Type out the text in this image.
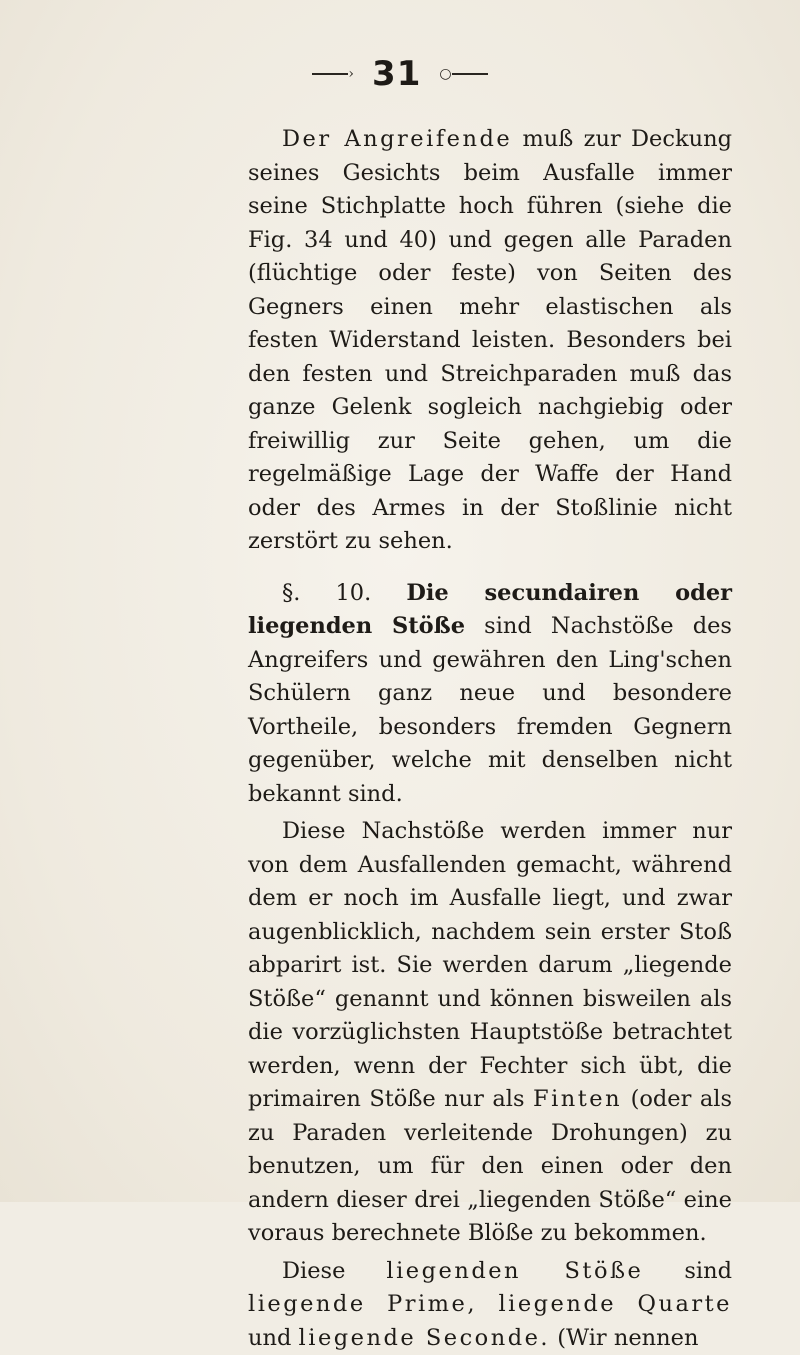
› 31 ○

Der Angreifende muß zur Deckung seines Gesichts beim Ausfalle immer seine Stichplatte hoch führen (siehe die Fig. 34 und 40) und gegen alle Paraden (flüchtige oder feste) von Seiten des Gegners einen mehr elastischen als festen Widerstand leisten. Besonders bei den festen und Streichparaden muß das ganze Gelenk sogleich nachgiebig oder freiwillig zur Seite gehen, um die regelmäßige Lage der Waffe der Hand oder des Armes in der Stoßlinie nicht zerstört zu sehen.

§. 10. Die secundairen oder liegenden Stöße sind Nachstöße des Angreifers und gewähren den Ling'schen Schülern ganz neue und besondere Vortheile, besonders fremden Gegnern gegenüber, welche mit denselben nicht bekannt sind.

Diese Nachstöße werden immer nur von dem Ausfallenden gemacht, während dem er noch im Ausfalle liegt, und zwar augenblicklich, nachdem sein erster Stoß abparirt ist. Sie werden darum „liegende Stöße“ genannt und können bisweilen als die vorzüglichsten Hauptstöße betrachtet werden, wenn der Fechter sich übt, die primairen Stöße nur als Finten (oder als zu Paraden verleitende Drohungen) zu benutzen, um für den einen oder den andern dieser drei „liegenden Stöße“ eine voraus berechnete Blöße zu bekommen.

Diese liegenden Stöße sind liegende Prime, liegende Quarte und liegende Seconde. (Wir nennen
